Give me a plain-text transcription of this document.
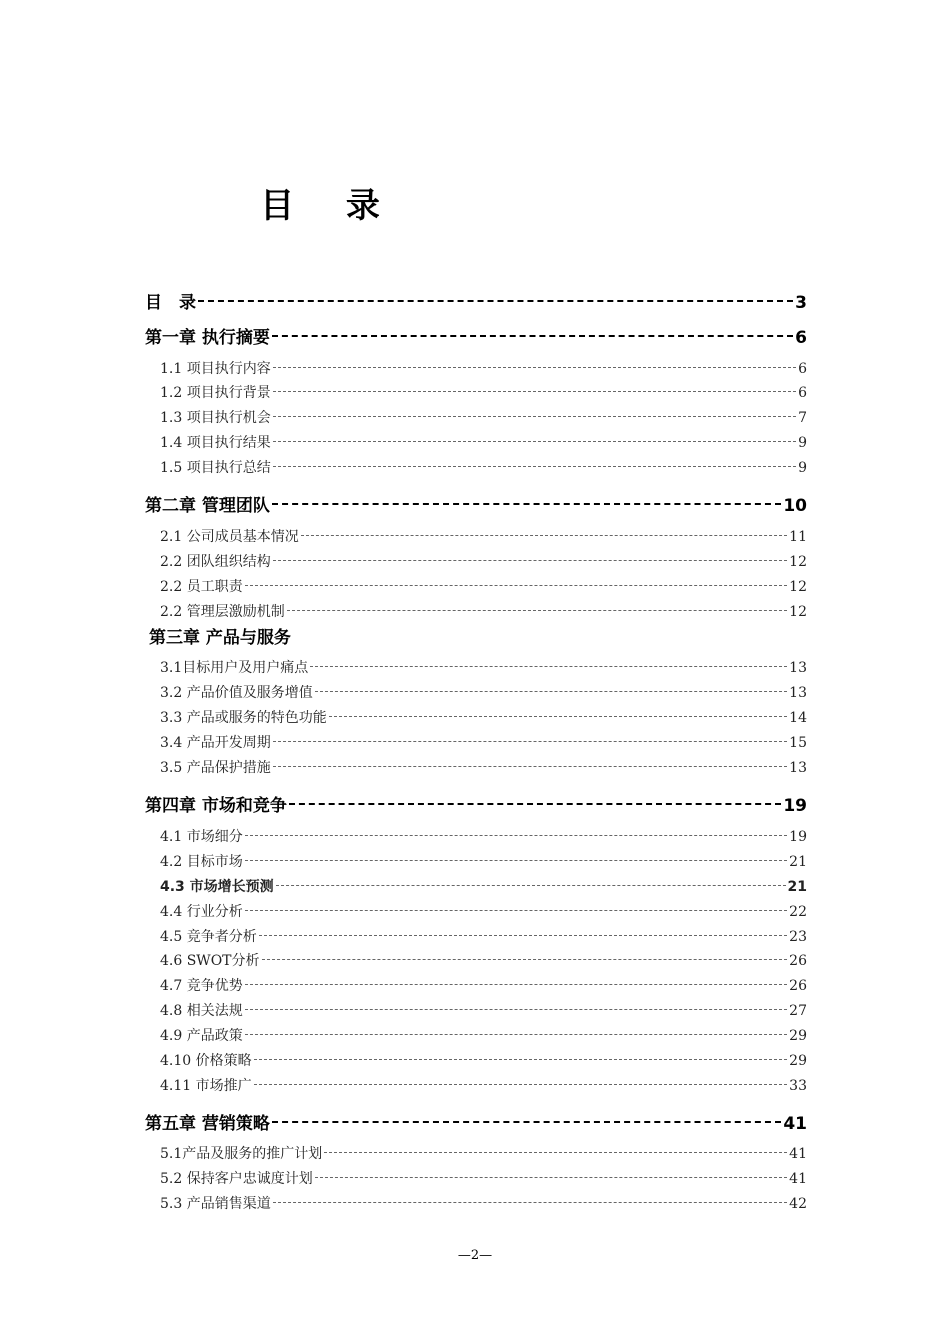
目 录
目　录	3
第一章 执行摘要	6
1.1 项目执行内容	6
1.2 项目执行背景	6
1.3 项目执行机会	7
1.4 项目执行结果	9
1.5 项目执行总结	9
第二章 管理团队	10
2.1 公司成员基本情况	11
2.2 团队组织结构	12
2.2 员工职责	12
2.2 管理层激励机制	12
第三章 产品与服务
3.1目标用户及用户痛点	13
3.2 产品价值及服务增值	13
3.3 产品或服务的特色功能	14
3.4 产品开发周期	15
3.5 产品保护措施	13
第四章 市场和竞争	19
4.1 市场细分	19
4.2 目标市场	21
4.3 市场增长预测	21
4.4 行业分析	22
4.5 竞争者分析	23
4.6 SWOT分析	26
4.7 竞争优势	26
4.8 相关法规	27
4.9 产品政策	29
4.10 价格策略	29
4.11 市场推广	33
第五章 营销策略	41
5.1产品及服务的推广计划	41
5.2 保持客户忠诚度计划	41
5.3 产品销售渠道	42
—2—
